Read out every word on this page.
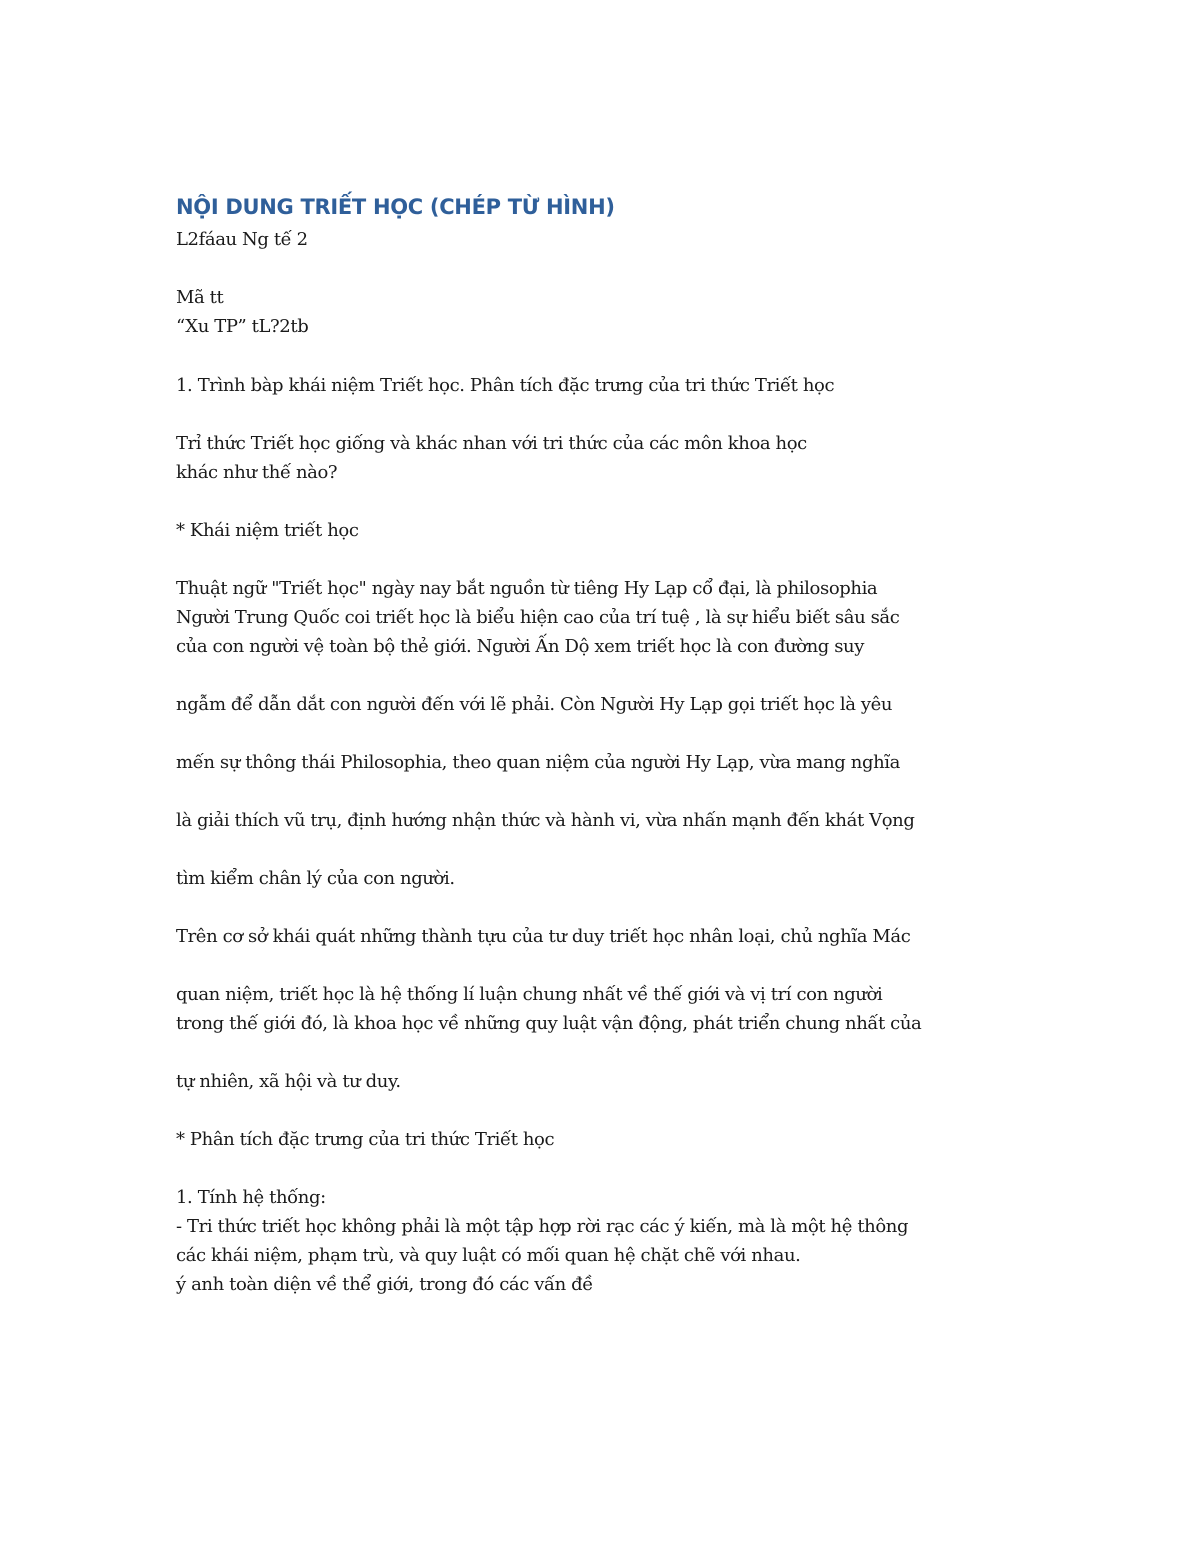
NỘI DUNG TRIẾT HỌC (CHÉP TỪ HÌNH)

L2fáau Ng tế 2

Mã tt

“Xu TP” tL?2tb

1. Trình bàp khái niệm Triết học. Phân tích đặc trưng của tri thức Triết học

Trỉ thức Triết học giống và khác nhan với tri thức của các môn khoa học

khác như thế nào?

* Khái niệm triết học

Thuật ngữ "Triết học" ngày nay bắt nguồn từ tiêng Hy Lạp cổ đại, là philosophia

Người Trung Quốc coi triết học là biểu hiện cao của trí tuệ , là sự hiểu biết sâu sắc

của con người vệ toàn bộ thẻ giới. Người Ấn Dộ xem triết học là con đường suy

ngẫm để dẫn dắt con người đến với lẽ phải. Còn Người Hy Lạp gọi triết học là yêu

mến sự thông thái Philosophia, theo quan niệm của người Hy Lạp, vừa mang nghĩa

là giải thích vũ trụ, định hướng nhận thức và hành vi, vừa nhấn mạnh đến khát Vọng

tìm kiểm chân lý của con người.

Trên cơ sở khái quát những thành tựu của tư duy triết học nhân loại, chủ nghĩa Mác

quan niệm, triết học là hệ thống lí luận chung nhất về thế giới và vị trí con người

trong thế giới đó, là khoa học về những quy luật vận động, phát triển chung nhất của

tự nhiên, xã hội và tư duy.

* Phân tích đặc trưng của tri thức Triết học

1. Tính hệ thống:

- Tri thức triết học không phải là một tập hợp rời rạc các ý kiến, mà là một hệ thông

các khái niệm, phạm trù, và quy luật có mối quan hệ chặt chẽ với nhau.

ý anh toàn diện về thể giới, trong đó các vấn đề
